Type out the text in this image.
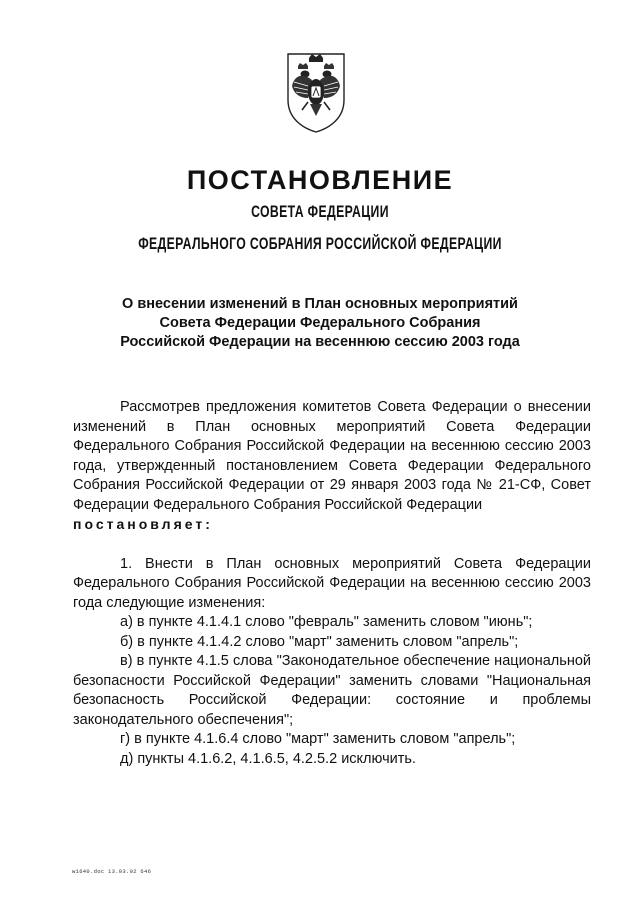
ПОСТАНОВЛЕНИЕ
СОВЕТА ФЕДЕРАЦИИ
ФЕДЕРАЛЬНОГО СОБРАНИЯ РОССИЙСКОЙ ФЕДЕРАЦИИ
О внесении изменений в План основных мероприятий
Совета Федерации Федерального Собрания
Российской Федерации на весеннюю сессию 2003 года

Рассмотрев предложения комитетов Совета Федерации о внесении изменений в План основных мероприятий Совета Федерации Федерального Собрания Российской Федерации на весеннюю сессию 2003 года, утвержденный постановлением Совета Федерации Федерального Собрания Российской Федерации от 29 января 2003 года № 21-СФ, Совет Федерации Федерального Собрания Российской Федерации

постановляет:

1. Внести в План основных мероприятий Совета Федерации Федерального Собрания Российской Федерации на весеннюю сессию 2003 года следующие изменения:

а) в пункте 4.1.4.1 слово "февраль" заменить словом "июнь";

б) в пункте 4.1.4.2 слово "март" заменить словом "апрель";

в) в пункте 4.1.5 слова "Законодательное обеспечение национальной безопасности Российской Федерации" заменить словами "Национальная безопасность Российской Федерации: состояние и проблемы законодательного обеспечения";

г) в пункте 4.1.6.4 слово "март" заменить словом "апрель";

д) пункты 4.1.6.2, 4.1.6.5, 4.2.5.2 исключить.

w1640.doc 13.03.02 646
